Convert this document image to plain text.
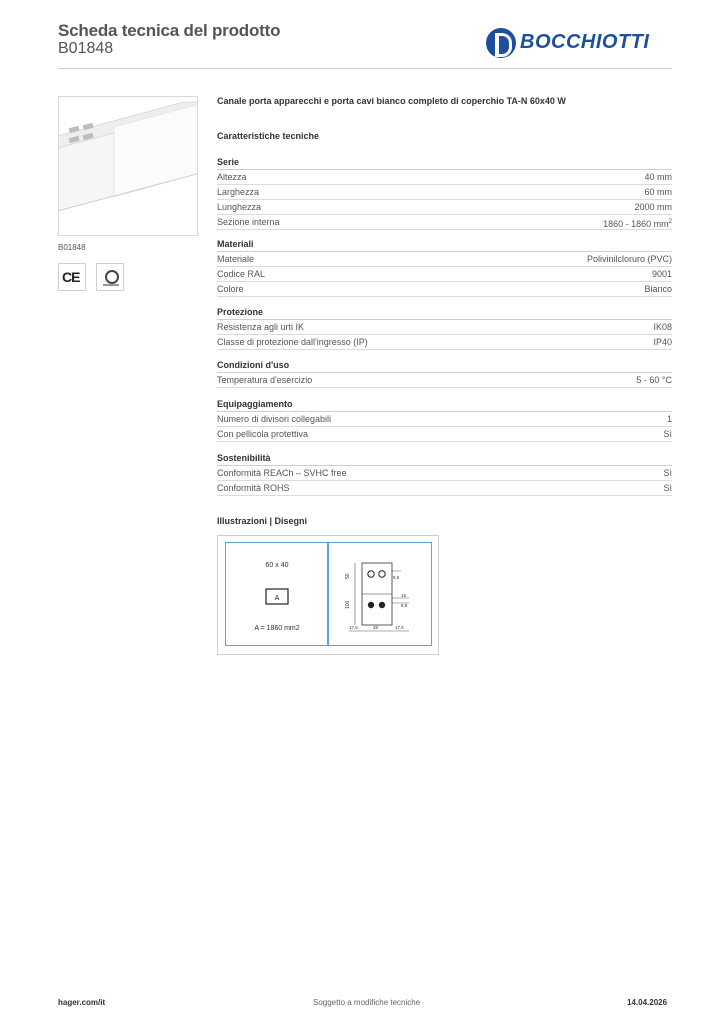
Scheda tecnica del prodotto
B01848	BOCCHIOTTI
B01848
CE
Canale porta apparecchi e porta cavi bianco completo di coperchio TA-N 60x40 W
Caratteristiche tecniche
Serie
Altezza	40 mm
Larghezza	60 mm
Lunghezza	2000 mm
Sezione interna	1860 - 1860 $mm^2$
Materiali
Materiale	Polivinilcloruro (PVC)
Codice RAL	9001
Colore	Bianco
Protezione
Resistenza agli urti IK	IK08
Classe di protezione dall'ingresso (IP)	IP40
Condizioni d'uso
Temperatura d'esercizio	5 - 60 °C
Equipaggiamento
Numero di divisori collegabili	1
Con pellicola protettiva	Sì
Sostenibilità
Conformità REACh – SVHC free	Sì
Conformità ROHS	Sì
Illustrazioni | Disegni
60 x 40
A
A = 1860 mm2
50
100
9,5
15
9,5
17,5	25	17,5
hager.com/it	Soggetto a modifiche tecniche	14.04.2026
